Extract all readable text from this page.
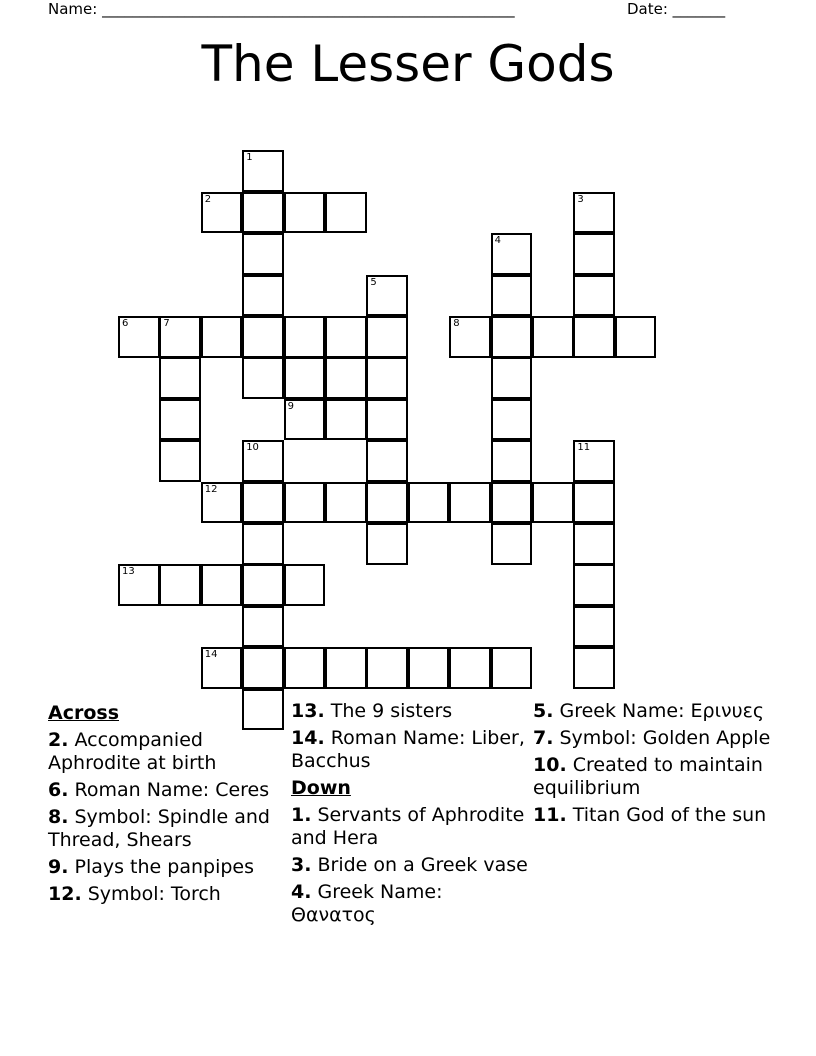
Name: _______________________________________________________	Date: _______
The Lesser Gods
1
2	3
4
5
6	7	8
9
10	11
12
13
14
Across
2. Accompanied Aphrodite at birth
6. Roman Name: Ceres
8. Symbol: Spindle and Thread, Shears
9. Plays the panpipes
12. Symbol: Torch
13. The 9 sisters
14. Roman Name: Liber, Bacchus
Down
1. Servants of Aphrodite and Hera
3. Bride on a Greek vase
4. Greek Name: Θανατος
5. Greek Name: Ερινυες
7. Symbol: Golden Apple
10. Created to maintain equilibrium
11. Titan God of the sun
